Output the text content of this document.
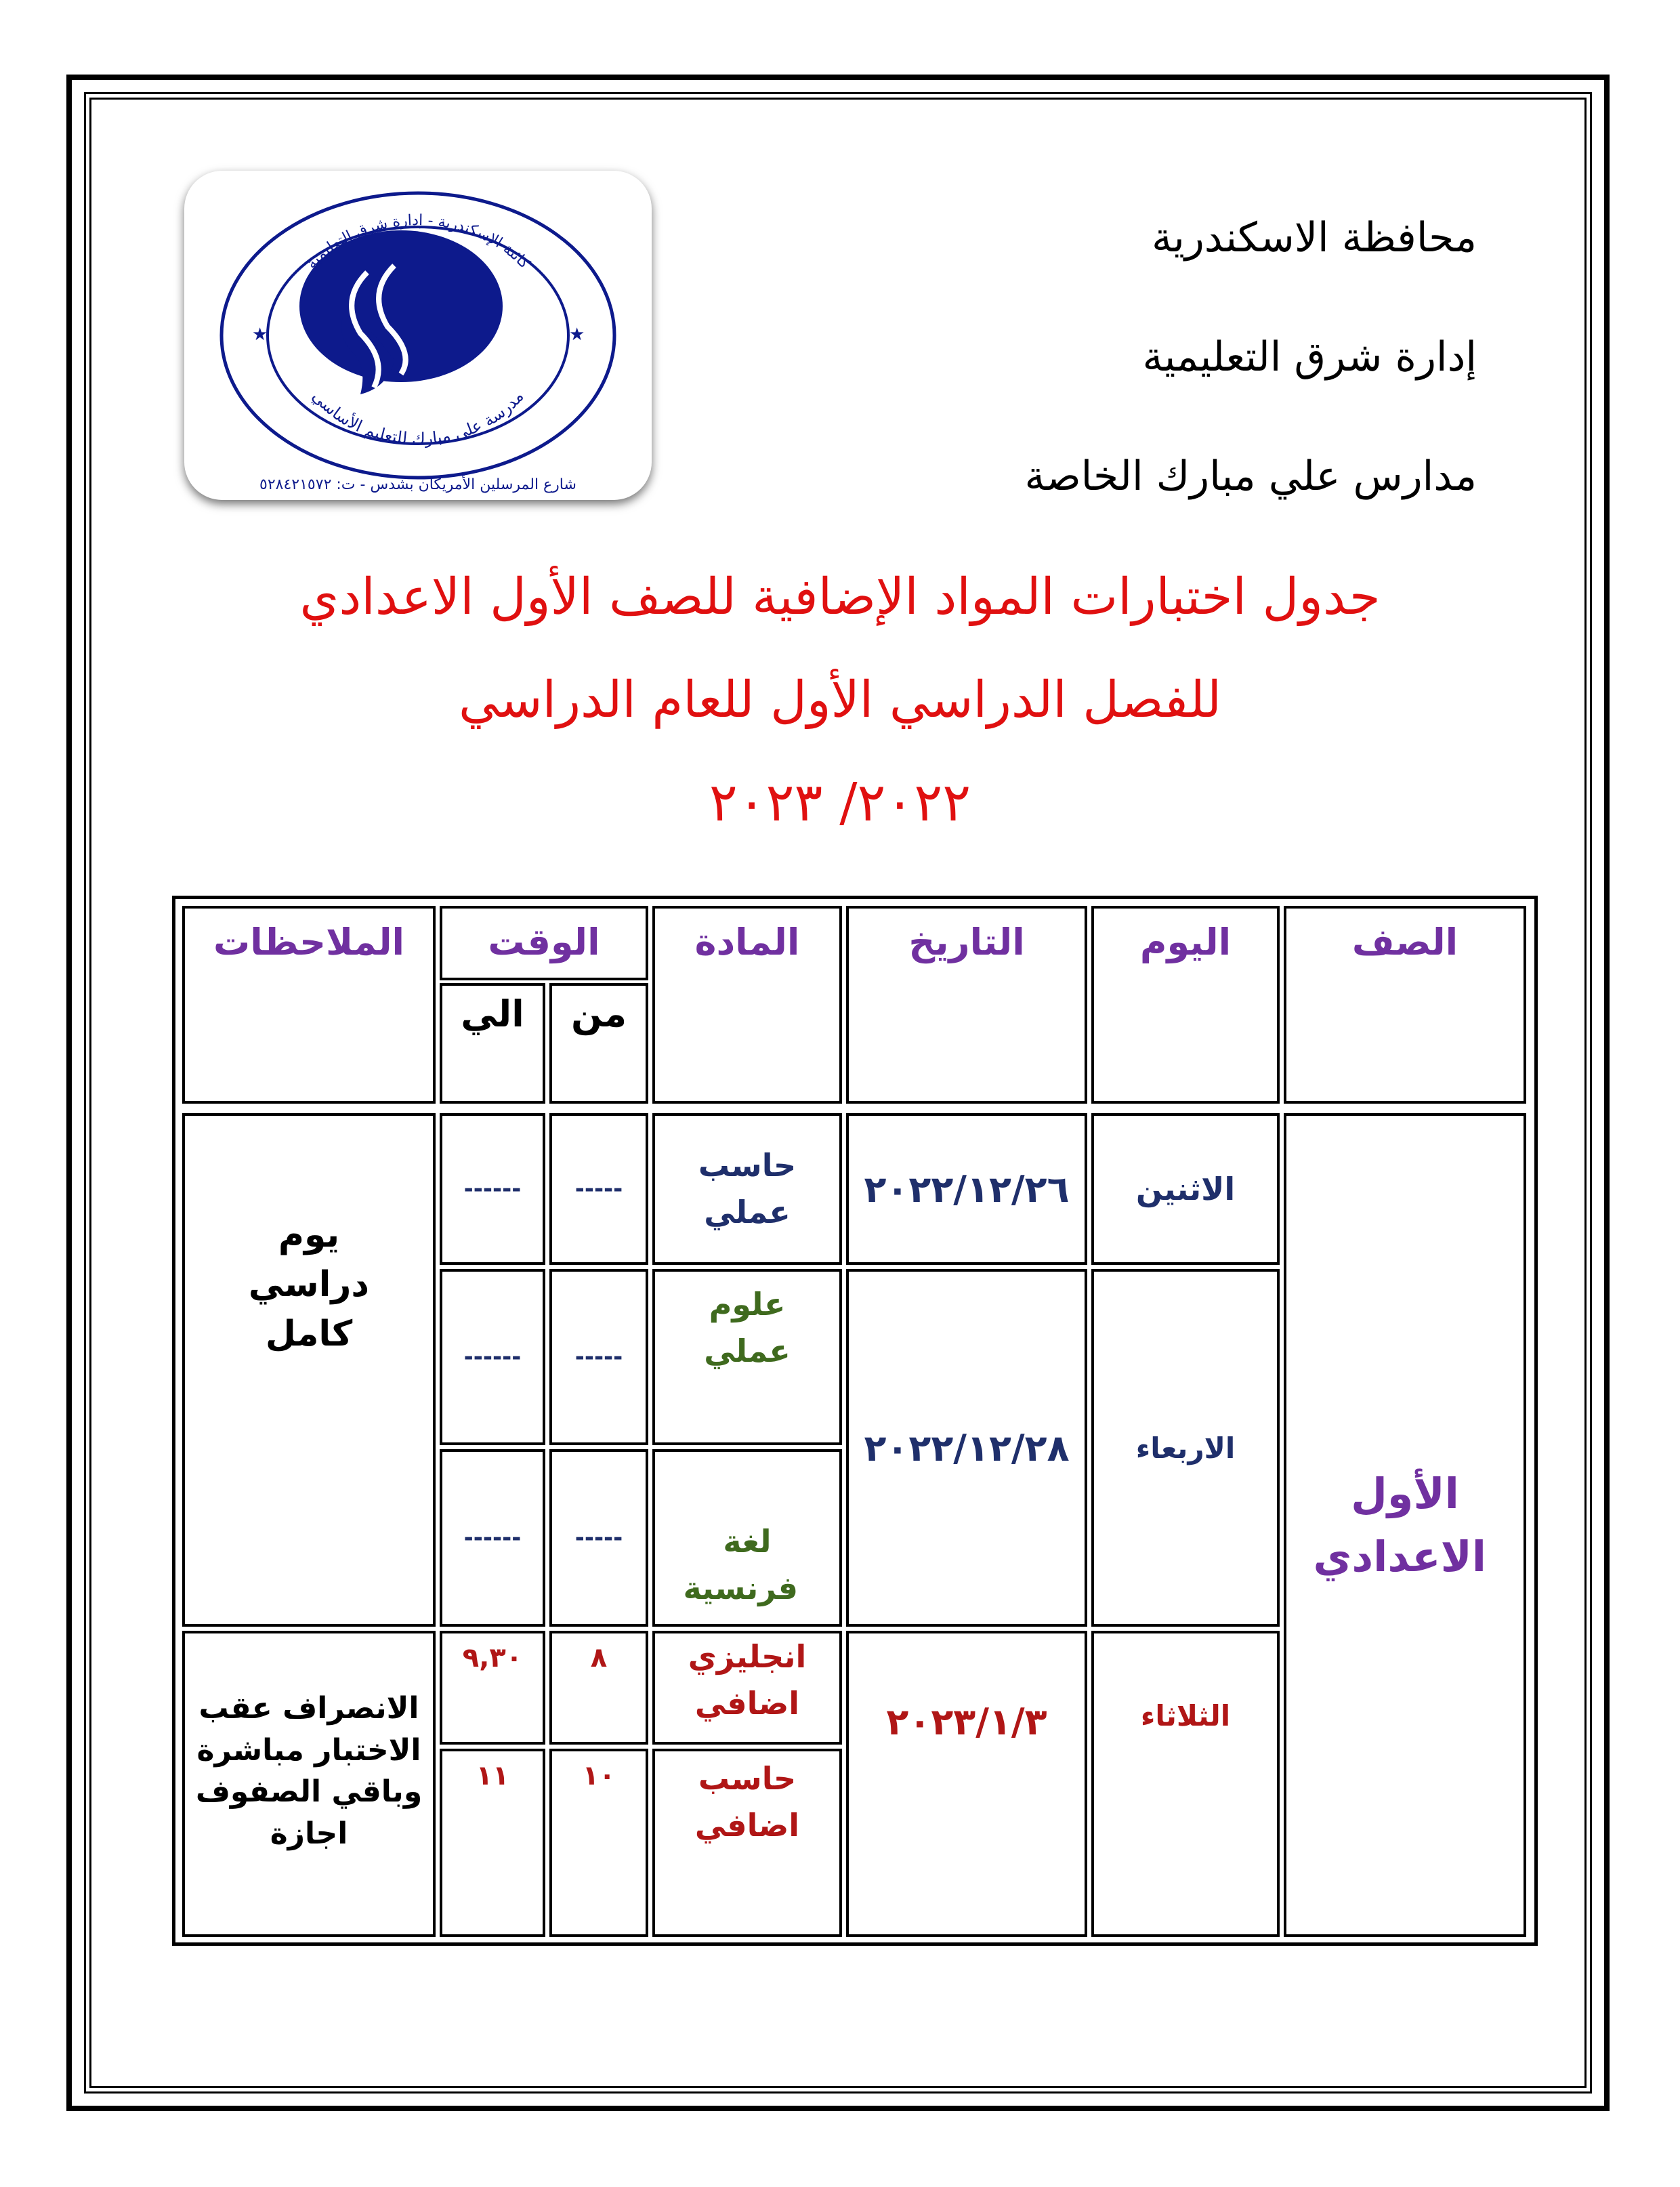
كائنة الإسكندرية - إدارة شرق التعليمية
مدرسة على مبارك للتعليم الأساسي
★	★
شارع المرسلين الأمريكان بشدس - ت: ٥٢٨٤٢١٥٧٢
محافظة الاسكندرية
إدارة شرق التعليمية
مدارس علي مبارك الخاصة
جدول اختبارات المواد الإضافية للصف الأول الاعدادي
للفصل الدراسي الأول للعام الدراسي
٢٠٢٢/ ٢٠٢٣
الصف
اليوم
التاريخ
المادة
الوقت
من
الي
الملاحظات
الأول الاعدادي
الاثنين
٢٠٢٢/١٢/٢٦
حاسب عملي
-----
------
الاربعاء
٢٠٢٢/١٢/٢٨
علوم عملي
-----
------
لغة فرنسية
-----
------
يوم دراسي كامل
الثلاثاء
٢٠٢٣/١/٣
انجليزي اضافي
٨
٩,٣٠
حاسب اضافي
١٠
١١
الانصراف عقب الاختبار مباشرة وباقي الصفوف اجازة
